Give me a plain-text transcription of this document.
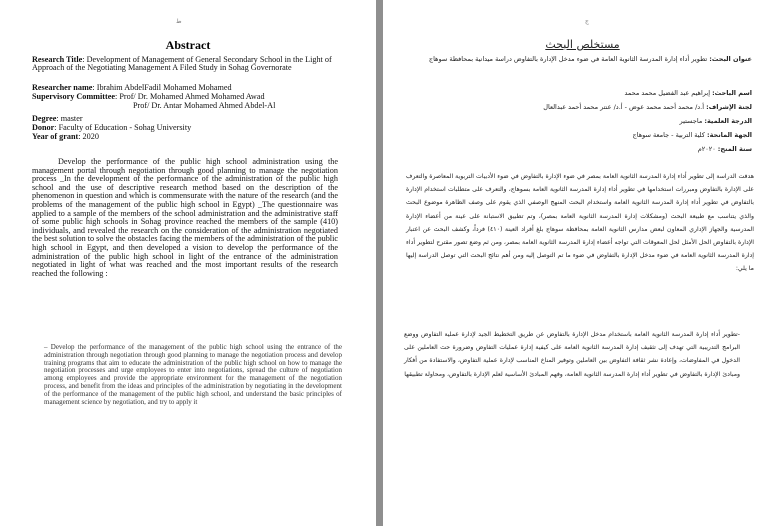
ط	ج
Abstract
Research Title: Development of Management of General Secondary School in the Light of Approach of the Negotiating Management A Filed Study in Sohag Governorate
Researcher name: Ibrahim AbdelFadil Mohamed Mohamed
Supervisory Committee: Prof/ Dr. Mohamed Ahmed Mohamed Awad
Prof/ Dr. Antar Mohamed Ahmed Abdel-Al
Degree: master
Donor: Faculty of Education - Sohag University
Year of grant: 2020
Develop the performance of the public high school administration using the management portal through negotiation through good planning to manage the negotiation process _In the development of the performance of the administration of the public high school and the use of descriptive research method based on the description of the phenomenon in question and which is commensurate with the nature of the research (and the problems of the management of the public high school in Egypt) _The questionnaire was applied to a sample of the members of the school administration and the administrative staff of some public high schools in Sohag province reached the members of the sample (410) individuals, and revealed the research on the consideration of the administration negotiated the best solution to solve the obstacles facing the members of the administration of the public high school in Egypt, and then developed a vision to develop the performance of the administration of the public high school in light of the entrance of the administration negotiated in light of what was reached and the most important results of the research reached the following :
– Develop the performance of the management of the public high school using the entrance of the administration through negotiation through good planning to manage the negotiation process and develop training programs that aim to educate the administration of the public high school on how to manage the negotiation processes and urge employees to enter into negotiations, spread the culture of negotiation among employees and provide the appropriate environment for the management of the negotiation process, and benefit from the ideas and principles of the administration by negotiating in the development of the performance of the management of the public high school, and understand the basic principles of management science by negotiation, and try to apply it
مستخلص البحث
عنوان البحث: تطوير أداء إدارة المدرسة الثانوية العامة في ضوء مدخل الإدارة بالتفاوض دراسة ميدانية بمحافظة سوهاج
اسم الباحث: إبراهيم عبد الفضيل محمد محمد
لجنة الإشراف: أ.د/ محمد أحمد محمد عوض - أ.د/ عنتر محمد أحمد عبدالعال
الدرجة العلمية: ماجستير
الجهة المانحة: كلية التربية - جامعة سوهاج
سنة المنح: ٢٠٢٠م
هدفت الدراسة إلى تطوير أداء إدارة المدرسة الثانوية العامة بمصر في ضوء الإدارة بالتفاوض في ضوء الأدبيات التربوية المعاصرة والتعرف على الإدارة بالتفاوض ومبررات استخدامها في تطوير أداء إدارة المدرسة الثانوية العامة بسوهاج، والتعرف على متطلبات استخدام الإدارة بالتفاوض في تطوير أداء إدارة المدرسة الثانوية العامة واستخدام البحث المنهج الوصفي الذي يقوم على وصف الظاهرة موضوع البحث والذي يتناسب مع طبيعة البحث (ومشكلات إدارة المدرسة الثانوية العامة بمصر)، وتم تطبيق الاستبانة على عينة من أعضاء الإدارة المدرسية والجهاز الإداري المعاون لبعض مدارس الثانوية العامة بمحافظة سوهاج بلغ أفراد العينة (٤١٠) فرداً، وكشف البحث عن اعتبار الإدارة بالتفاوض الحل الأمثل لحل المعوقات التي تواجه أعضاء إدارة المدرسة الثانوية العامة بمصر، ومن ثم وضع تصور مقترح لتطوير أداء إدارة المدرسة الثانوية العامة في ضوء مدخل الإدارة بالتفاوض في ضوء ما تم التوصل إليه ومن أهم نتائج البحث التي توصل الدراسة إليها ما يلي:
-تطوير أداء إدارة المدرسة الثانوية العامة باستخدام مدخل الإدارة بالتفاوض عن طريق التخطيط الجيد لإدارة عملية التفاوض ووضع البرامج التدريبية التي تهدف إلى تثقيف إدارة المدرسة الثانوية العامة على كيفية إدارة عمليات التفاوض وضرورة حث العاملين على الدخول في المفاوضات، وإعادة نشر ثقافة التفاوض بين العاملين وتوفير المناخ المناسب لإدارة عملية التفاوض، والاستفادة من أفكار ومبادئ الإدارة بالتفاوض في تطوير أداء إدارة المدرسة الثانوية العامة، وفهم المبادئ الأساسية لعلم الإدارة بالتفاوض، ومحاولة تطبيقها
